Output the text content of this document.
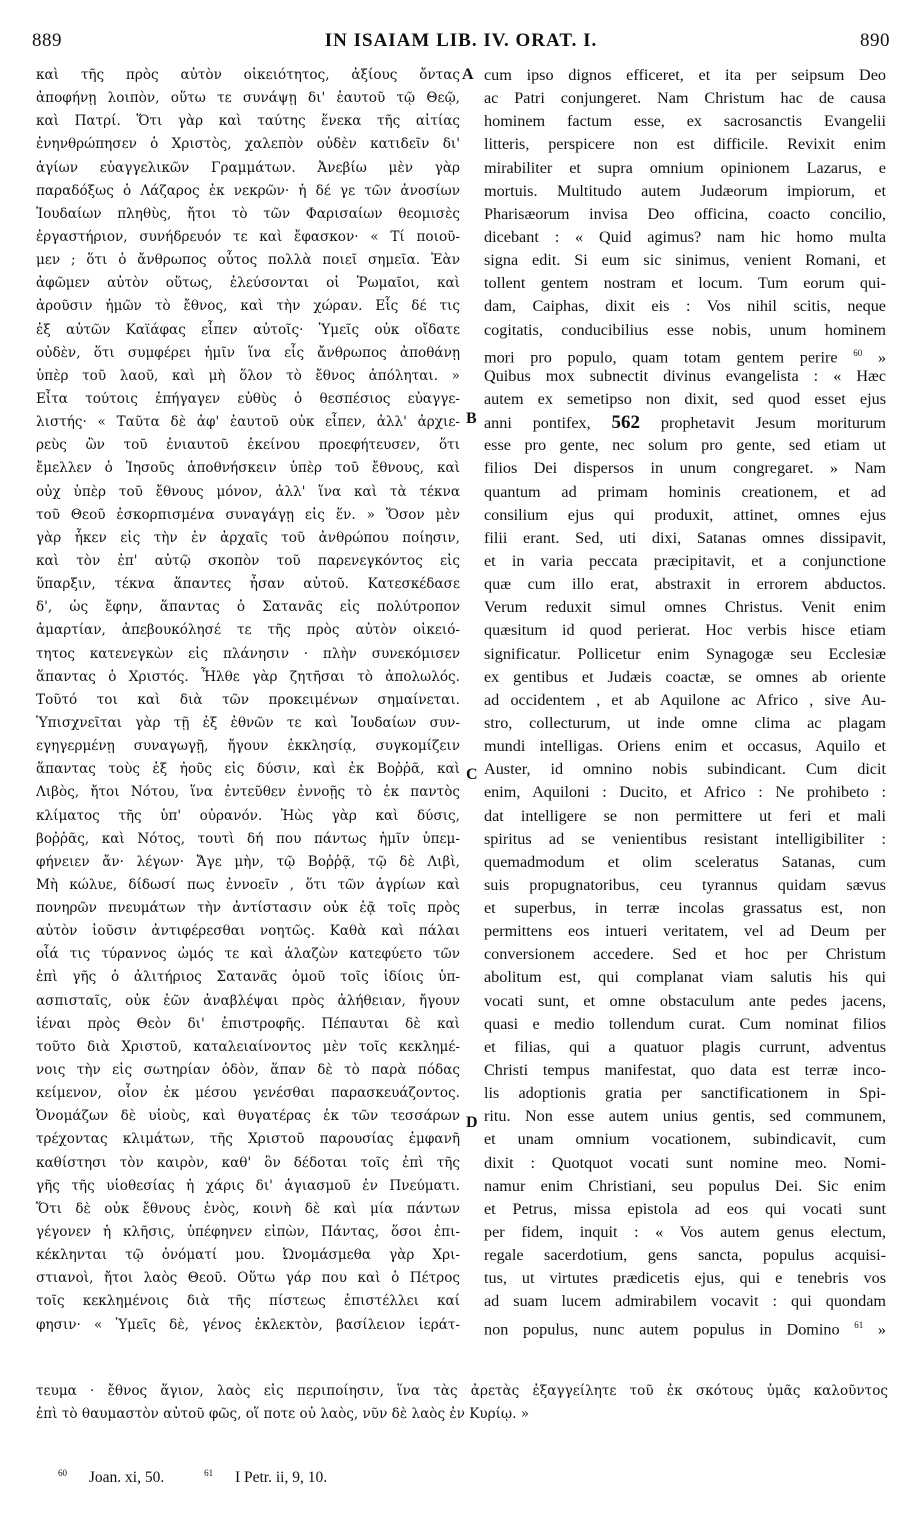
889	IN ISAIAM LIB. IV. ORAT. I.	890
καὶ τῆς πρὸς αὐτὸν οἰκειότητος, ἀξίους ὄντας
ἀποφήνῃ λοιπὸν, οὕτω τε συνάψῃ δι' ἑαυτοῦ τῷ Θεῷ,
καὶ Πατρί. Ὅτι γὰρ καὶ ταύτης ἕνεκα τῆς αἰτίας
ἐνηνθρώπησεν ὁ Χριστὸς, χαλεπὸν οὐδὲν κατιδεῖν δι'
ἁγίων εὐαγγελικῶν Γραμμάτων. Ἀνεβίω μὲν γὰρ
παραδόξως ὁ Λάζαρος ἐκ νεκρῶν· ἡ δέ γε τῶν ἀνοσίων
Ἰουδαίων πληθὺς, ἤτοι τὸ τῶν Φαρισαίων θεομισὲς
ἐργαστήριον, συνήδρευόν τε καὶ ἔφασκον· « Τί ποιοῦ-
μεν ; ὅτι ὁ ἄνθρωπος οὗτος πολλὰ ποιεῖ σημεῖα. Ἐὰν
ἀφῶμεν αὐτὸν οὕτως, ἐλεύσονται οἱ Ῥωμαῖοι, καὶ
ἀροῦσιν ἡμῶν τὸ ἔθνος, καὶ τὴν χώραν. Εἷς δέ τις
ἐξ αὐτῶν Καϊάφας εἶπεν αὐτοῖς· Ὑμεῖς οὐκ οἴδατε
οὐδὲν, ὅτι συμφέρει ἡμῖν ἵνα εἷς ἄνθρωπος ἀποθάνῃ
ὑπὲρ τοῦ λαοῦ, καὶ μὴ ὅλον τὸ ἔθνος ἀπόληται. »
Εἶτα τούτοις ἐπήγαγεν εὐθὺς ὁ θεσπέσιος εὐαγγε-
λιστής· « Ταῦτα δὲ ἀφ' ἑαυτοῦ οὐκ εἶπεν, ἀλλ' ἀρχιε-
ρεὺς ὢν τοῦ ἐνιαυτοῦ ἐκείνου προεφήτευσεν, ὅτι
ἔμελλεν ὁ Ἰησοῦς ἀποθνήσκειν ὑπὲρ τοῦ ἔθνους, καὶ
οὐχ ὑπὲρ τοῦ ἔθνους μόνον, ἀλλ' ἵνα καὶ τὰ τέκνα
τοῦ Θεοῦ ἐσκορπισμένα συναγάγῃ εἰς ἕν. » Ὅσον μὲν
γὰρ ἧκεν εἰς τὴν ἐν ἀρχαῖς τοῦ ἀνθρώπου ποίησιν,
καὶ τὸν ἐπ' αὐτῷ σκοπὸν τοῦ παρενεγκόντος εἰς
ὕπαρξιν, τέκνα ἅπαντες ἦσαν αὐτοῦ. Κατεσκέδασε
δ', ὡς ἔφην, ἅπαντας ὁ Σατανᾶς εἰς πολύτροπον
ἁμαρτίαν, ἀπεβουκόλησέ τε τῆς πρὸς αὐτὸν οἰκειό-
τητος κατενεγκὼν εἰς πλάνησιν · πλὴν συνεκόμισεν
ἅπαντας ὁ Χριστός. Ἦλθε γὰρ ζητῆσαι τὸ ἀπολωλός.
Τοῦτό τοι καὶ διὰ τῶν προκειμένων σημαίνεται.
Ὑπισχνεῖται γὰρ τῇ ἐξ ἐθνῶν τε καὶ Ἰουδαίων συν-
εγηγερμένῃ συναγωγῇ, ἤγουν ἐκκλησίᾳ, συγκομίζειν
ἅπαντας τοὺς ἐξ ἠοῦς εἰς δύσιν, καὶ ἐκ Βοῤῥᾶ, καὶ
Λιβὸς, ἤτοι Νότου, ἵνα ἐντεῦθεν ἐννοῇς τὸ ἐκ παντὸς
κλίματος τῆς ὑπ' οὐρανόν. Ἠὼς γὰρ καὶ δύσις,
βοῤῥᾶς, καὶ Νότος, τουτὶ δή που πάντως ἡμῖν ὑπεμ-
φήνειεν ἄν· λέγων· Ἄγε μὴν, τῷ Βοῤῥᾷ, τῷ δὲ Λιβὶ,
Μὴ κώλυε, δίδωσί πως ἐννοεῖν , ὅτι τῶν ἀγρίων καὶ
πονηρῶν πνευμάτων τὴν ἀντίστασιν οὐκ ἐᾷ τοῖς πρὸς
αὐτὸν ἰοῦσιν ἀντιφέρεσθαι νοητῶς. Καθὰ καὶ πάλαι
οἷά τις τύραννος ὠμός τε καὶ ἀλαζὼν κατεφύετο τῶν
ἐπὶ γῆς ὁ ἀλιτήριος Σατανᾶς ὁμοῦ τοῖς ἰδίοις ὑπ-
ασπισταῖς, οὐκ ἐῶν ἀναβλέψαι πρὸς ἀλήθειαν, ἤγουν
ἰέναι πρὸς Θεὸν δι' ἐπιστροφῆς. Πέπαυται δὲ καὶ
τοῦτο διὰ Χριστοῦ, καταλειαίνοντος μὲν τοῖς κεκλημέ-
νοις τὴν εἰς σωτηρίαν ὁδὸν, ἅπαν δὲ τὸ παρὰ πόδας
κείμενον, οἷον ἐκ μέσου γενέσθαι παρασκευάζοντος.
Ὀνομάζων δὲ υἱοὺς, καὶ θυγατέρας ἐκ τῶν τεσσάρων
τρέχοντας κλιμάτων, τῆς Χριστοῦ παρουσίας ἐμφανῆ
καθίστησι τὸν καιρὸν, καθ' ὃν δέδοται τοῖς ἐπὶ τῆς
γῆς τῆς υἱοθεσίας ἡ χάρις δι' ἁγιασμοῦ ἐν Πνεύματι.
Ὅτι δὲ οὐκ ἔθνους ἑνὸς, κοινὴ δὲ καὶ μία πάντων
γέγονεν ἡ κλῆσις, ὑπέφηνεν εἰπὼν, Πάντας, ὅσοι ἐπι-
κέκληνται τῷ ὀνόματί μου. Ὠνομάσμεθα γὰρ Χρι-
στιανοὶ, ἤτοι λαὸς Θεοῦ. Οὕτω γάρ που καὶ ὁ Πέτρος
τοῖς κεκλημένοις διὰ τῆς πίστεως ἐπιστέλλει καί
φησιν· « Ὑμεῖς δὲ, γένος ἐκλεκτὸν, βασίλειον ἱεράτ-
cum ipso dignos efficeret, et ita per seipsum Deo
ac Patri conjungeret. Nam Christum hac de causa
hominem factum esse, ex sacrosanctis Evangelii
litteris, perspicere non est difficile. Revixit enim
mirabiliter et supra omnium opinionem Lazarus, e
mortuis. Multitudo autem Judæorum impiorum, et
Pharisæorum invisa Deo officina, coacto concilio,
dicebant : « Quid agimus? nam hic homo multa
signa edit. Si eum sic sinimus, venient Romani, et
tollent gentem nostram et locum. Tum eorum qui-
dam, Caiphas, dixit eis : Vos nihil scitis, neque
cogitatis, conducibilius esse nobis, unum hominem
mori pro populo, quam totam gentem perire $^{60}$ »
Quibus mox subnectit divinus evangelista : « Hæc
autem ex semetipso non dixit, sed quod esset ejus
anni pontifex, 562 prophetavit Jesum moriturum
esse pro gente, nec solum pro gente, sed etiam ut
filios Dei dispersos in unum congregaret. » Nam
quantum ad primam hominis creationem, et ad
consilium ejus qui produxit, attinet, omnes ejus
filii erant. Sed, uti dixi, Satanas omnes dissipavit,
et in varia peccata præcipitavit, et a conjunctione
quæ cum illo erat, abstraxit in errorem abductos.
Verum reduxit simul omnes Christus. Venit enim
quæsitum id quod perierat. Hoc verbis hisce etiam
significatur. Pollicetur enim Synagogæ seu Ecclesiæ
ex gentibus et Judæis coactæ, se omnes ab oriente
ad occidentem , et ab Aquilone ac Africo , sive Au-
stro, collecturum, ut inde omne clima ac plagam
mundi intelligas. Oriens enim et occasus, Aquilo et
Auster, id omnino nobis subindicant. Cum dicit
enim, Aquiloni : Ducito, et Africo : Ne prohibeto :
dat intelligere se non permittere ut feri et mali
spiritus ad se venientibus resistant intelligibiliter :
quemadmodum et olim sceleratus Satanas, cum
suis propugnatoribus, ceu tyrannus quidam sævus
et superbus, in terræ incolas grassatus est, non
permittens eos intueri veritatem, vel ad Deum per
conversionem accedere. Sed et hoc per Christum
abolitum est, qui complanat viam salutis his qui
vocati sunt, et omne obstaculum ante pedes jacens,
quasi e medio tollendum curat. Cum nominat filios
et filias, qui a quatuor plagis currunt, adventus
Christi tempus manifestat, quo data est terræ inco-
lis adoptionis gratia per sanctificationem in Spi-
ritu. Non esse autem unius gentis, sed communem,
et unam omnium vocationem, subindicavit, cum
dixit : Quotquot vocati sunt nomine meo. Nomi-
namur enim Christiani, seu populus Dei. Sic enim
et Petrus, missa epistola ad eos qui vocati sunt
per fidem, inquit : « Vos autem genus electum,
regale sacerdotium, gens sancta, populus acquisi-
tus, ut virtutes prædicetis ejus, qui e tenebris vos
ad suam lucem admirabilem vocavit : qui quondam
non populus, nunc autem populus in Domino $^{61}$ »
A
B
C
D
τευμα · ἔθνος ἅγιον, λαὸς εἰς περιποίησιν, ἵνα τὰς ἀρετὰς ἐξαγγείλητε τοῦ ἐκ σκότους ὑμᾶς καλοῦντος
ἐπὶ τὸ θαυμαστὸν αὐτοῦ φῶς, οἵ ποτε οὐ λαὸς, νῦν δὲ λαὸς ἐν Κυρίῳ. »
$^{60}$ Joan. xi, 50.	$^{61}$ I Petr. ii, 9, 10.
